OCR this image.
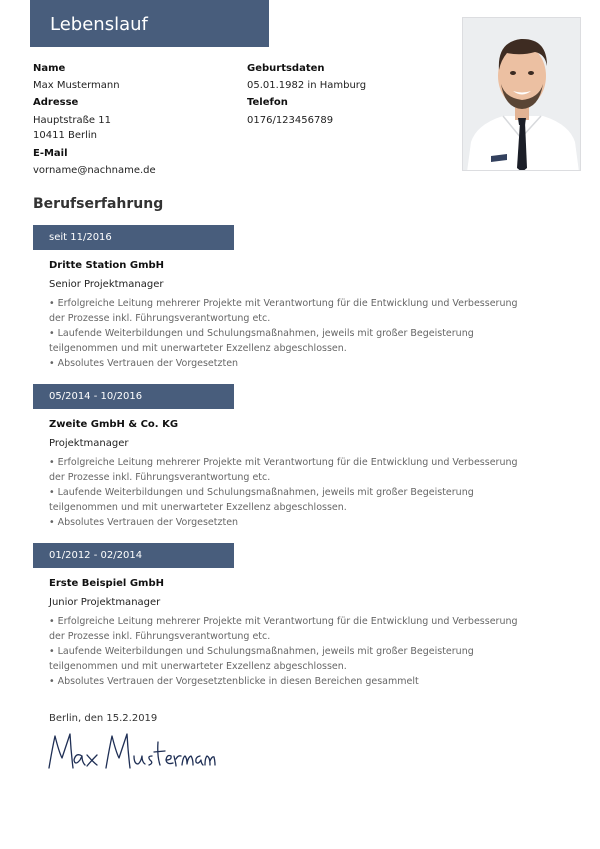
Lebenslauf
Name
Max Mustermann
Adresse
Hauptstraße 11
10411 Berlin
E-Mail
vorname@nachname.de
Geburtsdaten
05.01.1982 in Hamburg
Telefon
0176/123456789
Berufserfahrung
seit 11/2016
Dritte Station GmbH
Senior Projektmanager
• Erfolgreiche Leitung mehrerer Projekte mit Verantwortung für die Entwicklung und Verbesserung
der Prozesse inkl. Führungsverantwortung etc.
• Laufende Weiterbildungen und Schulungsmaßnahmen, jeweils mit großer Begeisterung
teilgenommen und mit unerwarteter Exzellenz abgeschlossen.
• Absolutes Vertrauen der Vorgesetzten
05/2014 - 10/2016
Zweite GmbH & Co. KG
Projektmanager
• Erfolgreiche Leitung mehrerer Projekte mit Verantwortung für die Entwicklung und Verbesserung
der Prozesse inkl. Führungsverantwortung etc.
• Laufende Weiterbildungen und Schulungsmaßnahmen, jeweils mit großer Begeisterung
teilgenommen und mit unerwarteter Exzellenz abgeschlossen.
• Absolutes Vertrauen der Vorgesetzten
01/2012 - 02/2014
Erste Beispiel GmbH
Junior Projektmanager
• Erfolgreiche Leitung mehrerer Projekte mit Verantwortung für die Entwicklung und Verbesserung
der Prozesse inkl. Führungsverantwortung etc.
• Laufende Weiterbildungen und Schulungsmaßnahmen, jeweils mit großer Begeisterung
teilgenommen und mit unerwarteter Exzellenz abgeschlossen.
• Absolutes Vertrauen der Vorgesetztenblicke in diesen Bereichen gesammelt
Berlin, den 15.2.2019
